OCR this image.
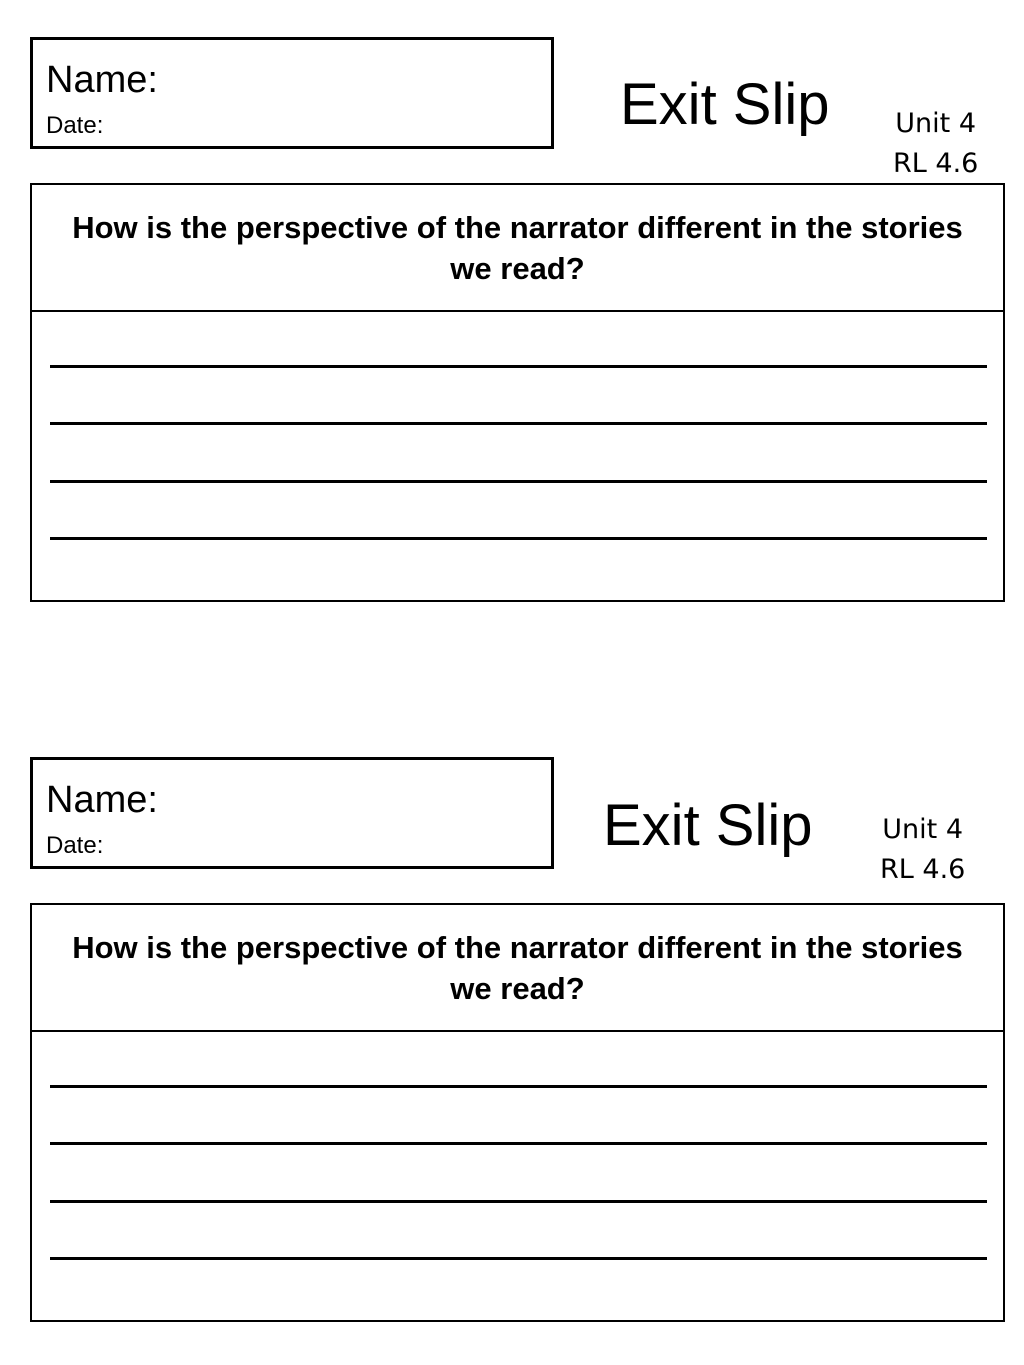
Name:
Date:	Exit Slip Unit 4
RL 4.6
How is the perspective of the narrator different in the stories we read?
Name:
Date:	Exit Slip	Unit 4
RL 4.6
How is the perspective of the narrator different in the stories we read?
